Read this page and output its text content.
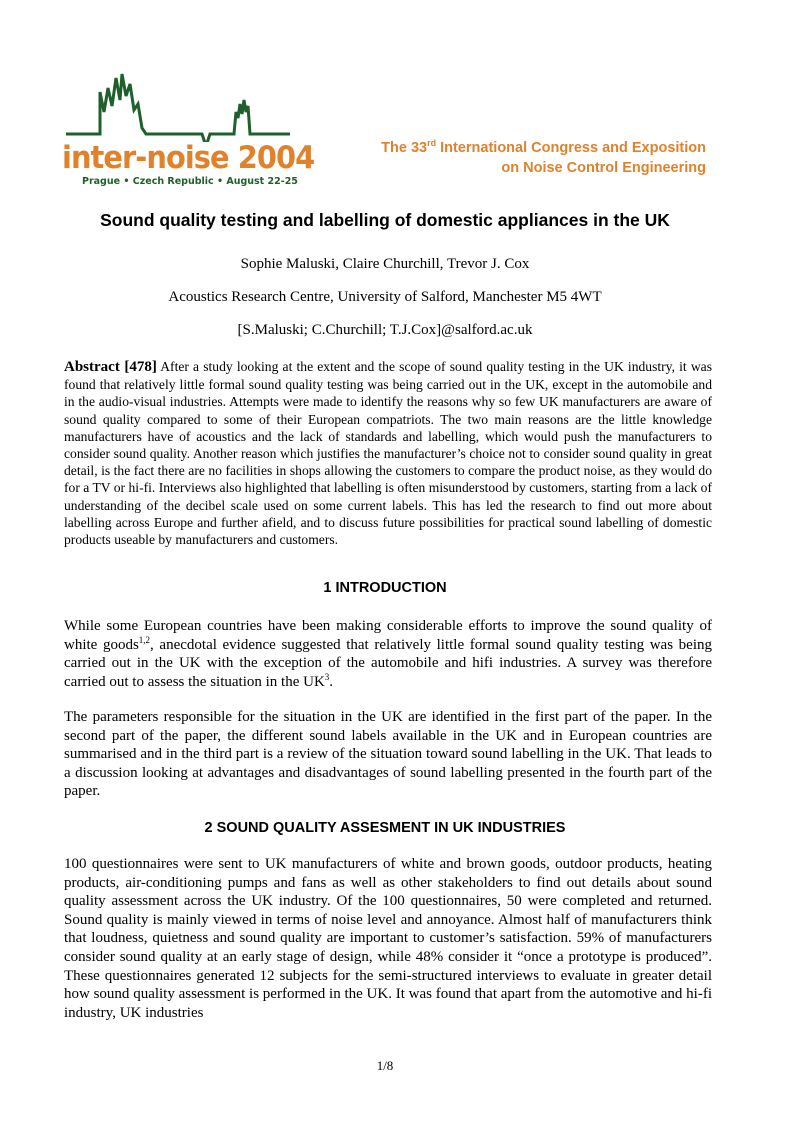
inter-noise 2004
Prague • Czech Republic • August 22-25
The 33rd International Congress and Exposition
on Noise Control Engineering
Sound quality testing and labelling of domestic appliances in the UK
Sophie Maluski, Claire Churchill, Trevor J. Cox
Acoustics Research Centre, University of Salford, Manchester M5 4WT
[S.Maluski; C.Churchill; T.J.Cox]@salford.ac.uk
Abstract [478] After a study looking at the extent and the scope of sound quality testing in the UK industry, it was found that relatively little formal sound quality testing was being carried out in the UK, except in the automobile and in the audio-visual industries. Attempts were made to identify the reasons why so few UK manufacturers are aware of sound quality compared to some of their European compatriots. The two main reasons are the little knowledge manufacturers have of acoustics and the lack of standards and labelling, which would push the manufacturers to consider sound quality. Another reason which justifies the manufacturer’s choice not to consider sound quality in great detail, is the fact there are no facilities in shops allowing the customers to compare the product noise, as they would do for a TV or hi-fi. Interviews also highlighted that labelling is often misunderstood by customers, starting from a lack of understanding of the decibel scale used on some current labels. This has led the research to find out more about labelling across Europe and further afield, and to discuss future possibilities for practical sound labelling of domestic products useable by manufacturers and customers.
1 INTRODUCTION
While some European countries have been making considerable efforts to improve the sound quality of white goods$^{1,2}$, anecdotal evidence suggested that relatively little formal sound quality testing was being carried out in the UK with the exception of the automobile and hifi industries. A survey was therefore carried out to assess the situation in the $UK^3$.
The parameters responsible for the situation in the UK are identified in the first part of the paper. In the second part of the paper, the different sound labels available in the UK and in European countries are summarised and in the third part is a review of the situation toward sound labelling in the UK. That leads to a discussion looking at advantages and disadvantages of sound labelling presented in the fourth part of the paper.
2 SOUND QUALITY ASSESMENT IN UK INDUSTRIES
100 questionnaires were sent to UK manufacturers of white and brown goods, outdoor products, heating products, air-conditioning pumps and fans as well as other stakeholders to find out details about sound quality assessment across the UK industry. Of the 100 questionnaires, 50 were completed and returned. Sound quality is mainly viewed in terms of noise level and annoyance. Almost half of manufacturers think that loudness, quietness and sound quality are important to customer’s satisfaction. 59% of manufacturers consider sound quality at an early stage of design, while 48% consider it “once a prototype is produced”. These questionnaires generated 12 subjects for the semi-structured interviews to evaluate in greater detail how sound quality assessment is performed in the UK. It was found that apart from the automotive and hi-fi industry, UK industries
1/8
